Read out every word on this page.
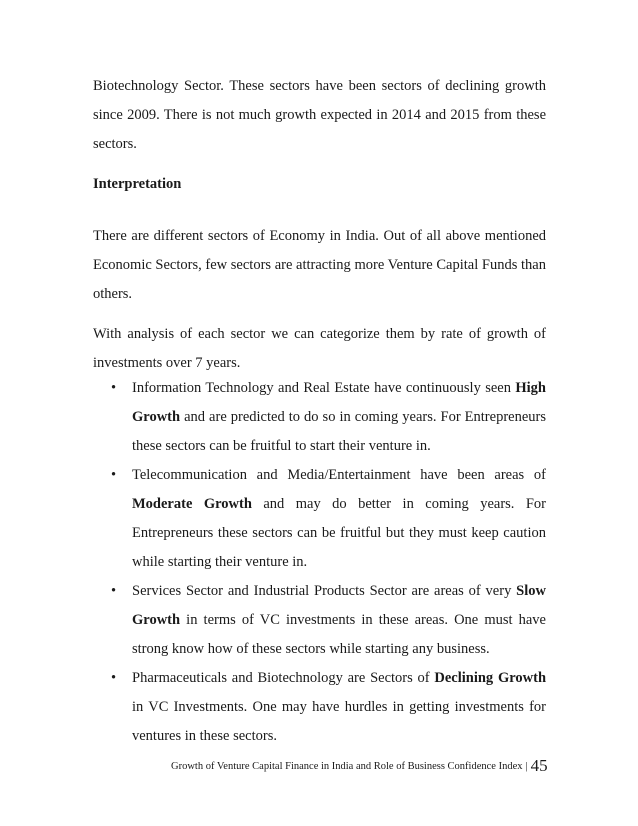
Biotechnology Sector. These sectors have been sectors of declining growth since 2009. There is not much growth expected in 2014 and 2015 from these sectors.

Interpretation

There are different sectors of Economy in India. Out of all above mentioned Economic Sectors, few sectors are attracting more Venture Capital Funds than others.

With analysis of each sector we can categorize them by rate of growth of investments over 7 years.

• Information Technology and Real Estate have continuously seen High Growth and are predicted to do so in coming years. For Entrepreneurs these sectors can be fruitful to start their venture in.
• Telecommunication and Media/Entertainment have been areas of Moderate Growth and may do better in coming years. For Entrepreneurs these sectors can be fruitful but they must keep caution while starting their venture in.
• Services Sector and Industrial Products Sector are areas of very Slow Growth in terms of VC investments in these areas. One must have strong know how of these sectors while starting any business.
• Pharmaceuticals and Biotechnology are Sectors of Declining Growth in VC Investments. One may have hurdles in getting investments for ventures in these sectors.
Growth of Venture Capital Finance in India and Role of Business Confidence Index | 45
